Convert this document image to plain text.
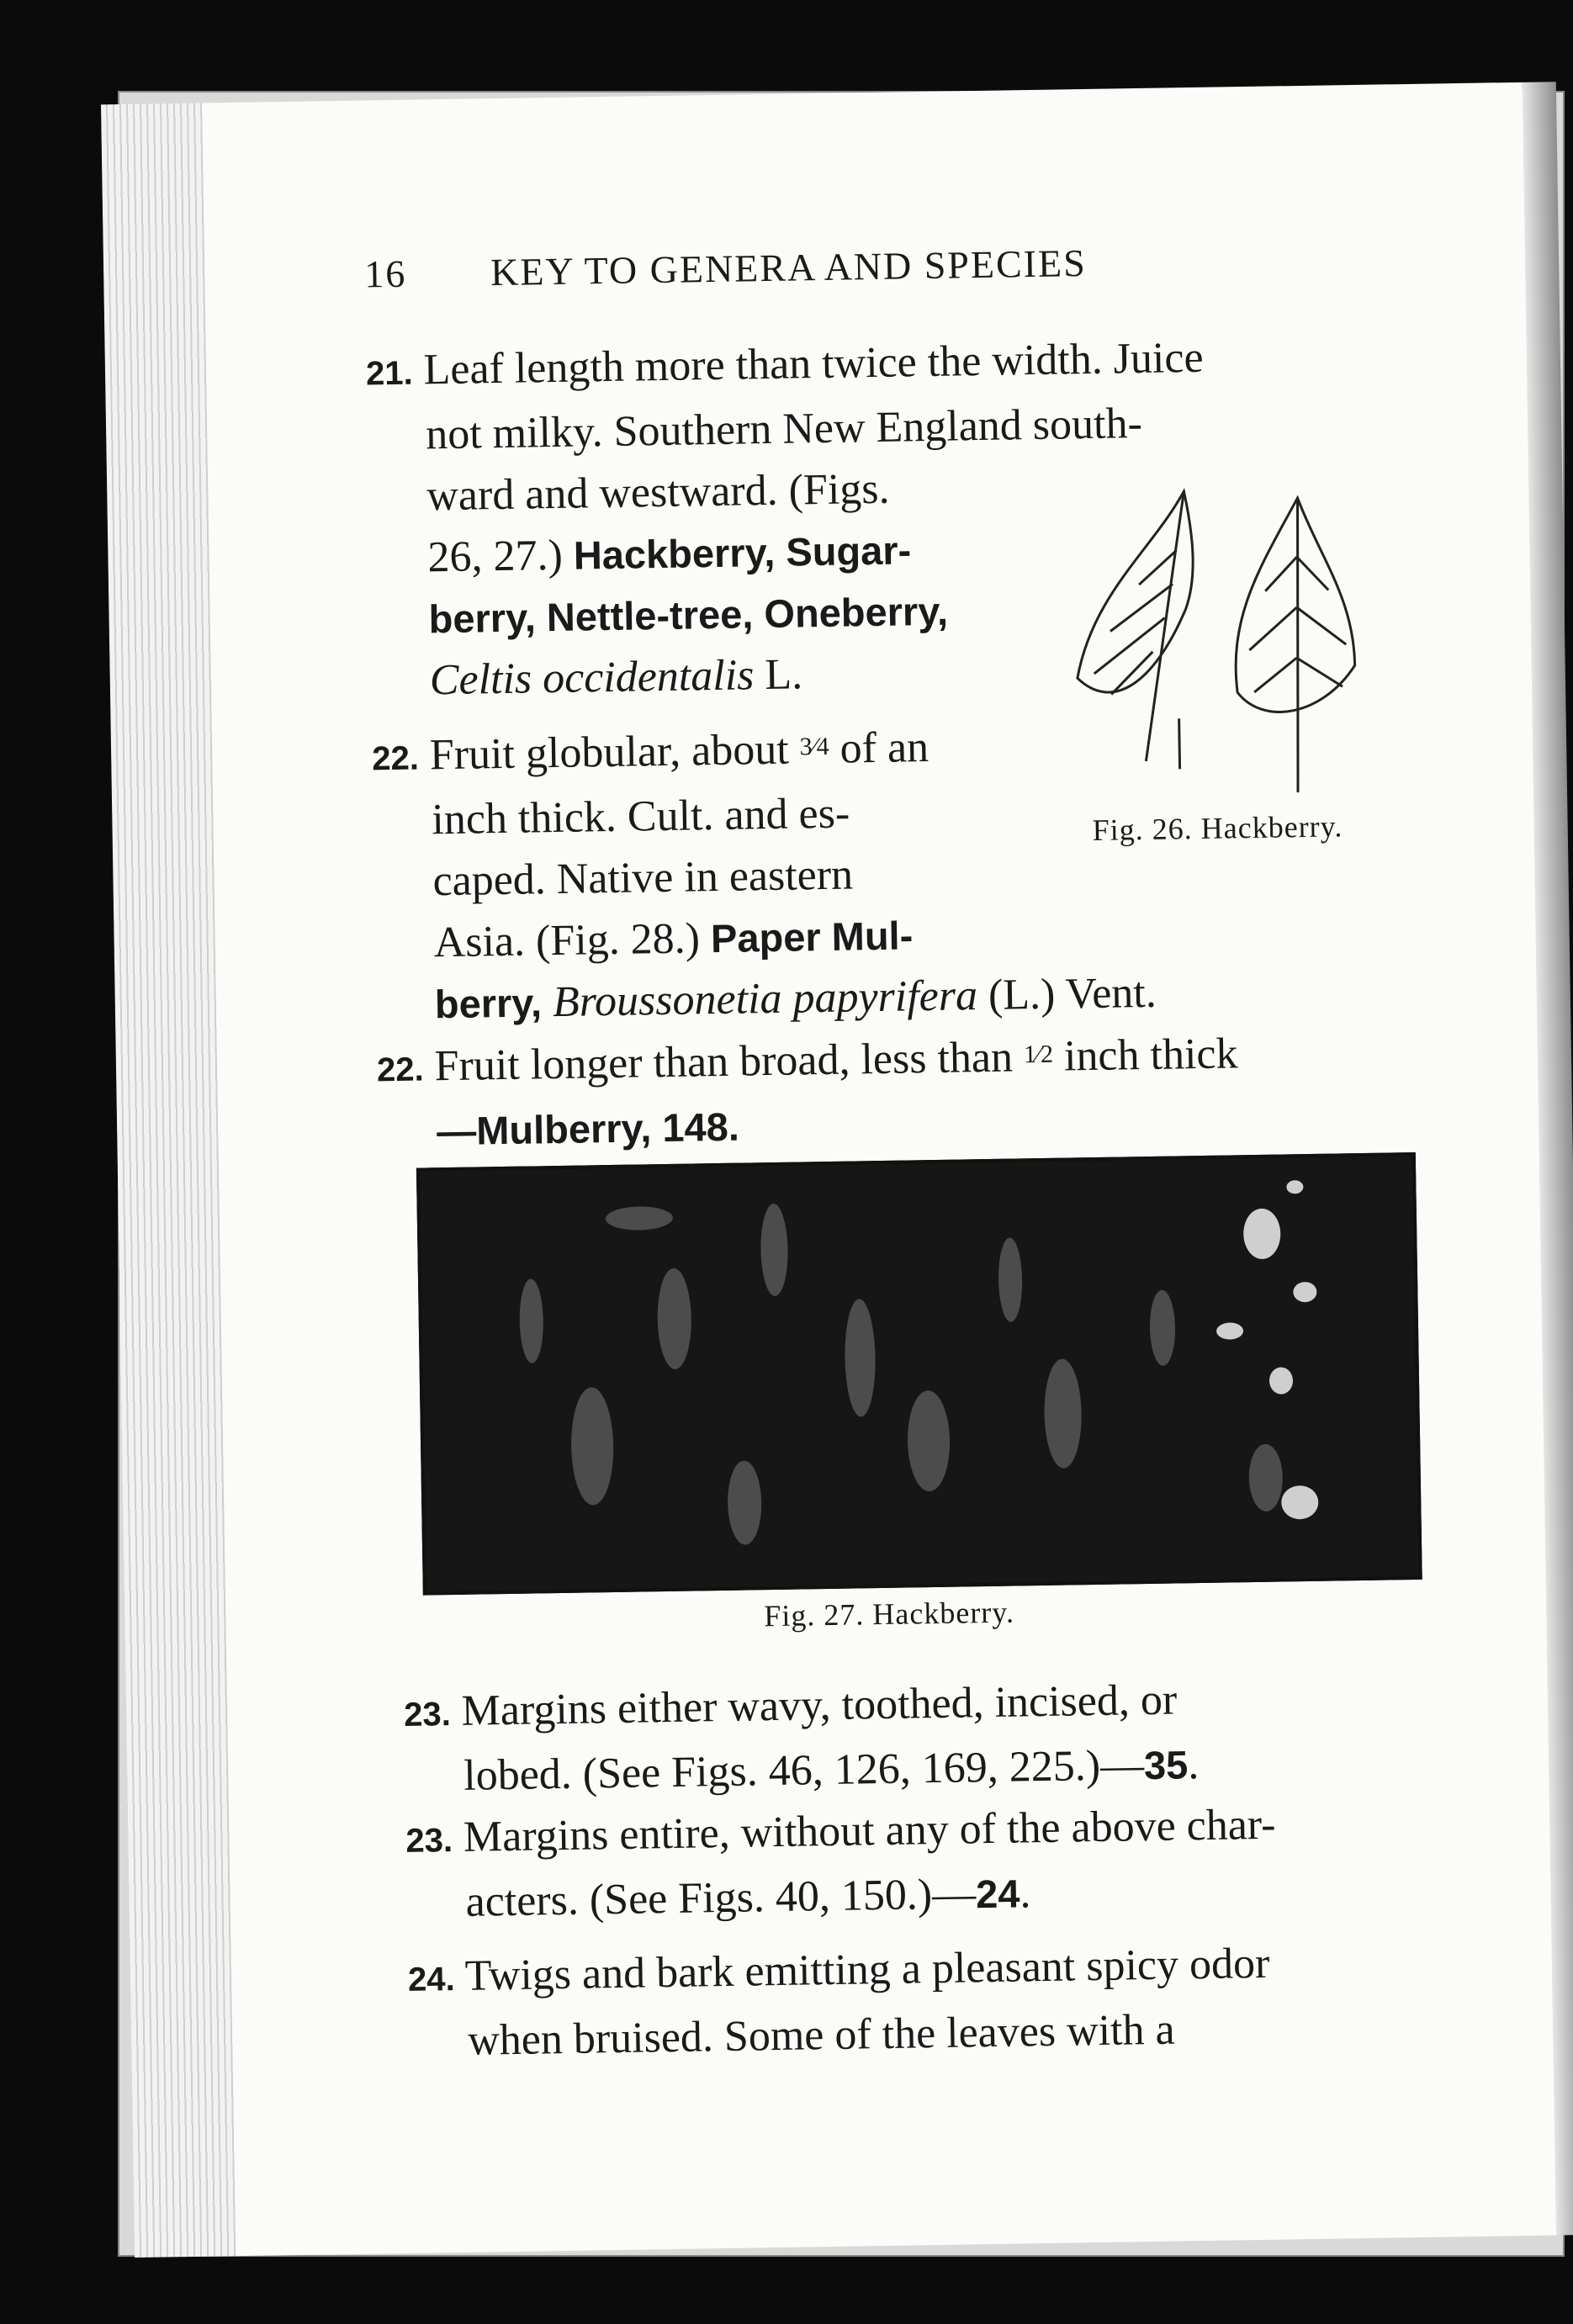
16 KEY TO GENERA AND SPECIES
21. Leaf length more than twice the width. Juice
not milky. Southern New England south-
ward and westward. (Figs.
26, 27.) Hackberry, Sugar-
berry, Nettle-tree, Oneberry,
Celtis occidentalis L.
22. Fruit globular, about 3⁄4 of an
inch thick. Cult. and es-
caped. Native in eastern
Asia. (Fig. 28.) Paper Mul-
berry, Broussonetia papyrifera (L.) Vent.
Fig. 26. Hackberry.
22. Fruit longer than broad, less than 1⁄2 inch thick
—Mulberry, 148.
Fig. 27. Hackberry.
23. Margins either wavy, toothed, incised, or
lobed. (See Figs. 46, 126, 169, 225.)—35.
23. Margins entire, without any of the above char-
acters. (See Figs. 40, 150.)—24.
24. Twigs and bark emitting a pleasant spicy odor
when bruised. Some of the leaves with a
